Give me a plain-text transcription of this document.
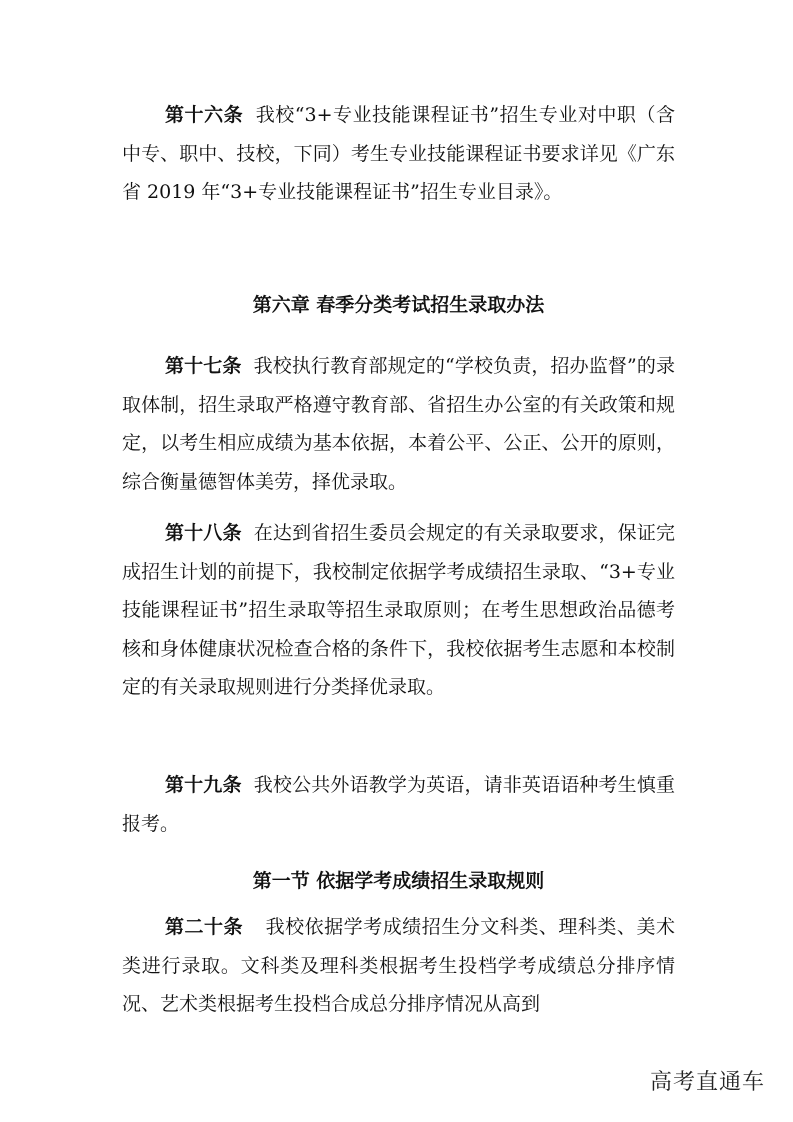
第十六条 我校“3+专业技能课程证书”招生专业对中职（含中专、职中、技校，下同）考生专业技能课程证书要求详见《广东省 2019 年“3+专业技能课程证书”招生专业目录》。

第六章 春季分类考试招生录取办法

第十七条 我校执行教育部规定的“学校负责，招办监督”的录取体制，招生录取严格遵守教育部、省招生办公室的有关政策和规定，以考生相应成绩为基本依据，本着公平、公正、公开的原则，综合衡量德智体美劳，择优录取。

第十八条 在达到省招生委员会规定的有关录取要求，保证完成招生计划的前提下，我校制定依据学考成绩招生录取、“3+专业技能课程证书”招生录取等招生录取原则；在考生思想政治品德考核和身体健康状况检查合格的条件下，我校依据考生志愿和本校制定的有关录取规则进行分类择优录取。

第十九条 我校公共外语教学为英语，请非英语语种考生慎重报考。

第一节 依据学考成绩招生录取规则

第二十条 我校依据学考成绩招生分文科类、理科类、美术类进行录取。文科类及理科类根据考生投档学考成绩总分排序情况、艺术类根据考生投档合成总分排序情况从高到

高考直通车
